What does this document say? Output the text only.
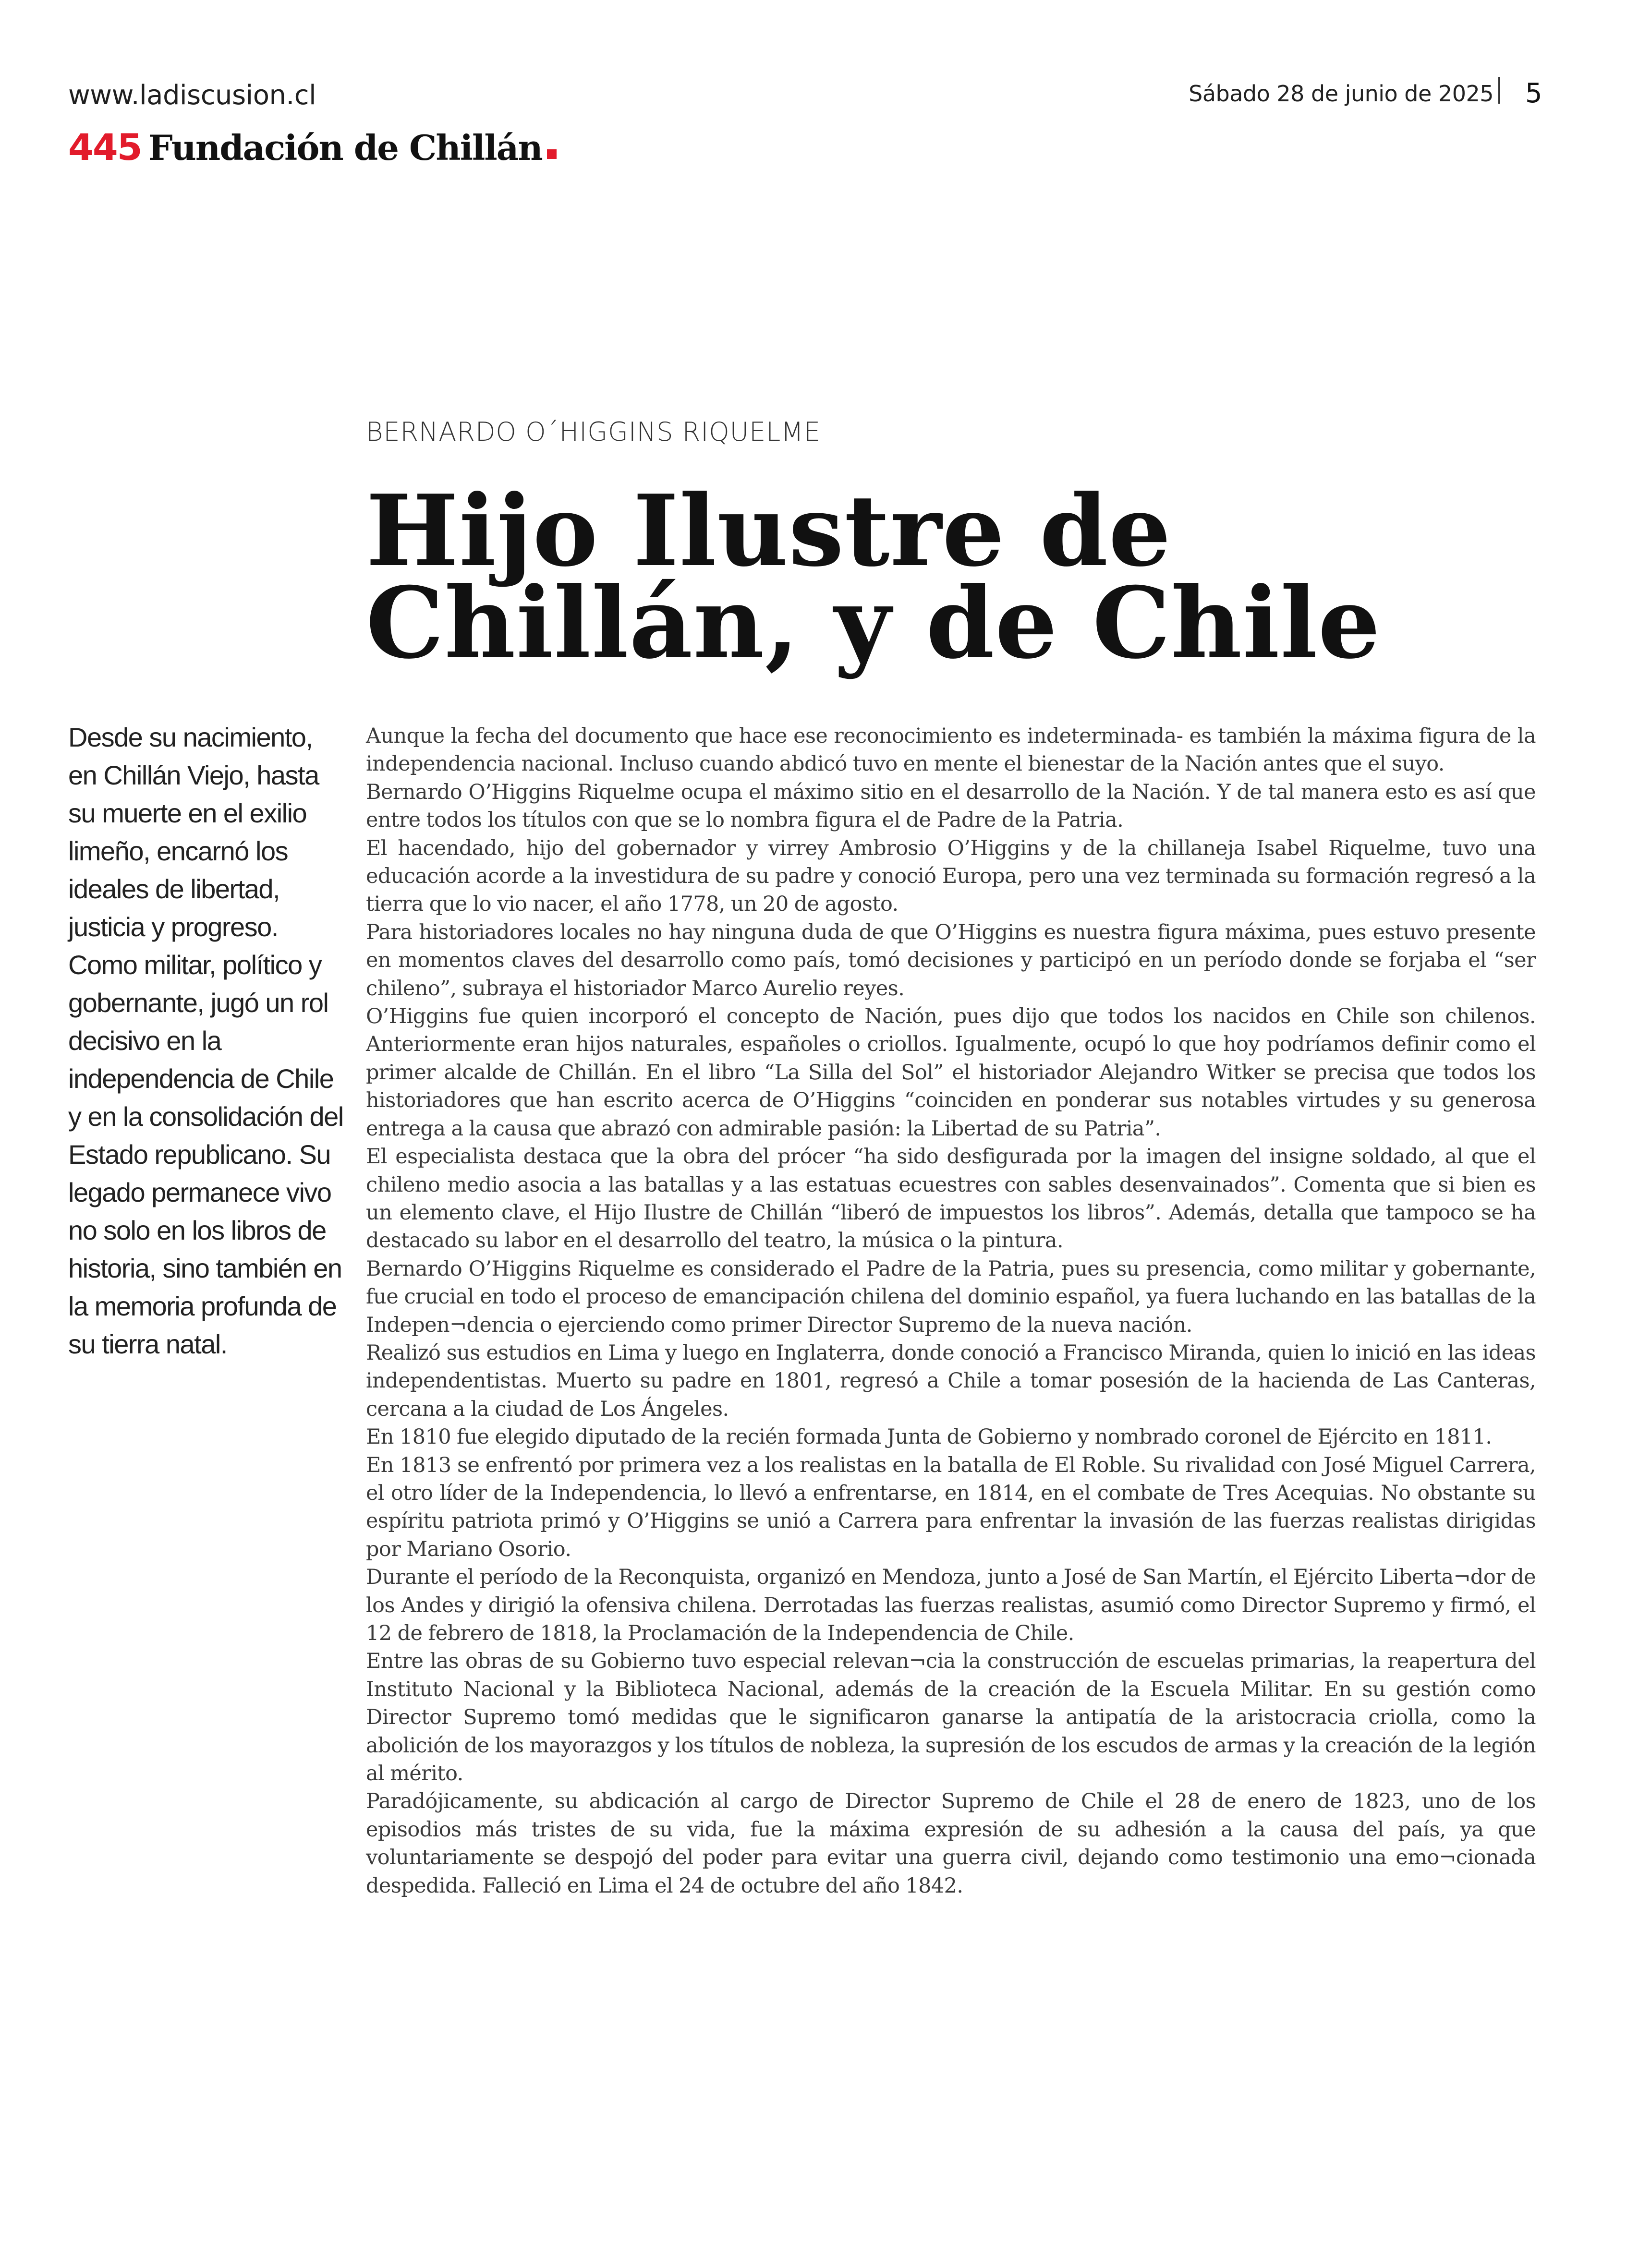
www.ladiscusion.cl	Sábado 28 de junio de 2025 5
445 Fundación de Chillán
BERNARDO O´HIGGINS RIQUELME
Hijo Ilustre de
Chillán, y de Chile

Desde su nacimiento, en Chillán Viejo, hasta su muerte en el exilio limeño, encarnó los ideales de libertad, justicia y progreso. Como militar, político y gobernante, jugó un rol decisivo en la independencia de Chile y en la consolidación del Estado republicano. Su legado permanece vivo no solo en los libros de historia, sino también en la memoria profunda de su tierra natal.

Aunque la fecha del documento que hace ese reconocimiento es indeterminada- es también la máxima figura de la independencia nacional. Incluso cuando abdicó tuvo en mente el bienestar de la Nación antes que el suyo.

Bernardo O’Higgins Riquelme ocupa el máximo sitio en el desarrollo de la Nación. Y de tal manera esto es así que entre todos los títulos con que se lo nombra figura el de Padre de la Patria.

El hacendado, hijo del gobernador y virrey Ambrosio O’Higgins y de la chillaneja Isabel Riquelme, tuvo una educación acorde a la investidura de su padre y conoció Europa, pero una vez terminada su formación regresó a la tierra que lo vio nacer, el año 1778, un 20 de agosto.

Para historiadores locales no hay ninguna duda de que O’Higgins es nuestra figura máxima, pues estuvo presente en momentos claves del desarrollo como país, tomó decisiones y participó en un período donde se forjaba el “ser chileno”, subraya el historiador Marco Aurelio reyes.

O’Higgins fue quien incorporó el concepto de Nación, pues dijo que todos los nacidos en Chile son chilenos. Anteriormente eran hijos naturales, españoles o criollos. Igualmente, ocupó lo que hoy podríamos definir como el primer alcalde de Chillán. En el libro “La Silla del Sol” el historiador Alejandro Witker se precisa que todos los historiadores que han escrito acerca de O’Higgins “coinciden en ponderar sus notables virtudes y su generosa entrega a la causa que abrazó con admirable pasión: la Libertad de su Patria”.

El especialista destaca que la obra del prócer “ha sido desfigurada por la imagen del insigne soldado, al que el chileno medio asocia a las batallas y a las estatuas ecuestres con sables desenvainados”. Comenta que si bien es un elemento clave, el Hijo Ilustre de Chillán “liberó de impuestos los libros”. Además, detalla que tampoco se ha destacado su labor en el desarrollo del teatro, la música o la pintura.

Bernardo O’Higgins Riquelme es considerado el Padre de la Patria, pues su presencia, como militar y gobernante, fue crucial en todo el proceso de emancipación chilena del dominio español, ya fuera luchando en las batallas de la Indepen¬dencia o ejerciendo como primer Director Supremo de la nueva nación.

Realizó sus estudios en Lima y luego en Inglaterra, donde conoció a Francisco Miranda, quien lo inició en las ideas independentistas. Muerto su padre en 1801, regresó a Chile a tomar posesión de la hacienda de Las Canteras, cercana a la ciudad de Los Ángeles.

En 1810 fue elegido diputado de la recién formada Junta de Gobierno y nombrado coronel de Ejército en 1811.

En 1813 se enfrentó por primera vez a los realistas en la batalla de El Roble. Su rivalidad con José Miguel Carrera, el otro líder de la Independencia, lo llevó a enfrentarse, en 1814, en el combate de Tres Acequias. No obstante su espíritu patriota primó y O’Higgins se unió a Carrera para enfrentar la invasión de las fuerzas realistas dirigidas por Mariano Osorio.

Durante el período de la Reconquista, organizó en Mendoza, junto a José de San Martín, el Ejército Liberta¬dor de los Andes y dirigió la ofensiva chilena. Derrotadas las fuerzas realistas, asumió como Director Supremo y firmó, el 12 de febrero de 1818, la Proclamación de la Independencia de Chile.

Entre las obras de su Gobierno tuvo especial relevan¬cia la construcción de escuelas primarias, la reapertura del Instituto Nacional y la Biblioteca Nacional, además de la creación de la Escuela Militar. En su gestión como Director Supremo tomó medidas que le significaron ganarse la antipatía de la aristocracia criolla, como la abolición de los mayorazgos y los títulos de nobleza, la supresión de los escudos de armas y la creación de la legión al mérito.

Paradójicamente, su abdicación al cargo de Director Supremo de Chile el 28 de enero de 1823, uno de los episodios más tristes de su vida, fue la máxima expresión de su adhesión a la causa del país, ya que voluntariamente se despojó del poder para evitar una guerra civil, dejando como testimonio una emo¬cionada despedida. Falleció en Lima el 24 de octubre del año 1842.
